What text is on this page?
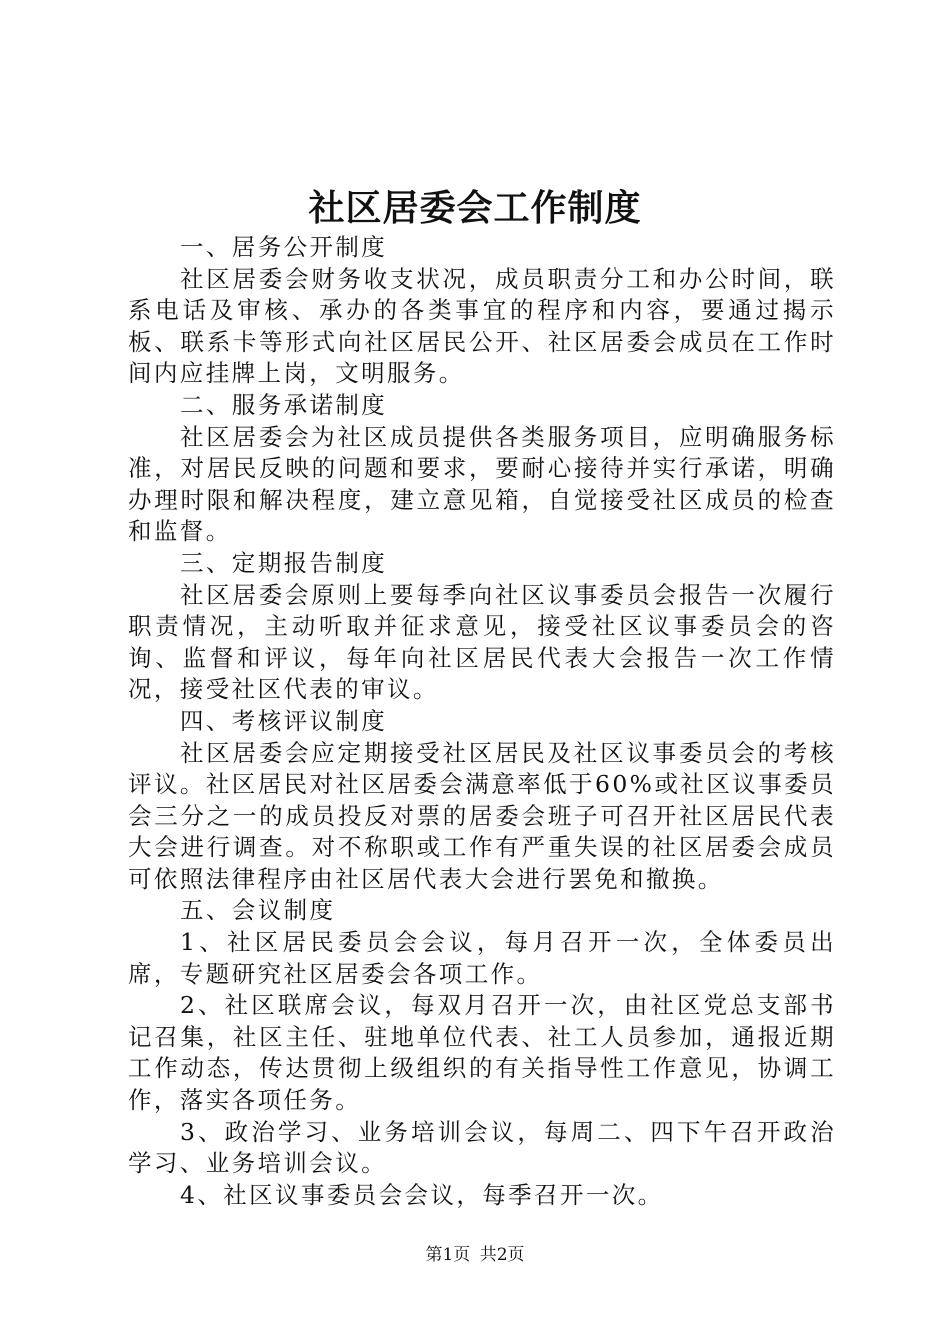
社区居委会工作制度

一、居务公开制度

社区居委会财务收支状况，成员职责分工和办公时间，联系电话及审核、承办的各类事宜的程序和内容，要通过揭示板、联系卡等形式向社区居民公开、社区居委会成员在工作时间内应挂牌上岗，文明服务。

二、服务承诺制度

社区居委会为社区成员提供各类服务项目，应明确服务标准，对居民反映的问题和要求，要耐心接待并实行承诺，明确办理时限和解决程度，建立意见箱，自觉接受社区成员的检查和监督。

三、定期报告制度

社区居委会原则上要每季向社区议事委员会报告一次履行职责情况，主动听取并征求意见，接受社区议事委员会的咨询、监督和评议，每年向社区居民代表大会报告一次工作情况，接受社区代表的审议。

四、考核评议制度

社区居委会应定期接受社区居民及社区议事委员会的考核评议。社区居民对社区居委会满意率低于60%或社区议事委员会三分之一的成员投反对票的居委会班子可召开社区居民代表大会进行调查。对不称职或工作有严重失误的社区居委会成员可依照法律程序由社区居代表大会进行罢免和撤换。

五、会议制度

1、社区居民委员会会议，每月召开一次，全体委员出席，专题研究社区居委会各项工作。

2、社区联席会议，每双月召开一次，由社区党总支部书记召集，社区主任、驻地单位代表、社工人员参加，通报近期工作动态，传达贯彻上级组织的有关指导性工作意见，协调工作，落实各项任务。

3、政治学习、业务培训会议，每周二、四下午召开政治学习、业务培训会议。

4、社区议事委员会会议，每季召开一次。

第1页 共2页
